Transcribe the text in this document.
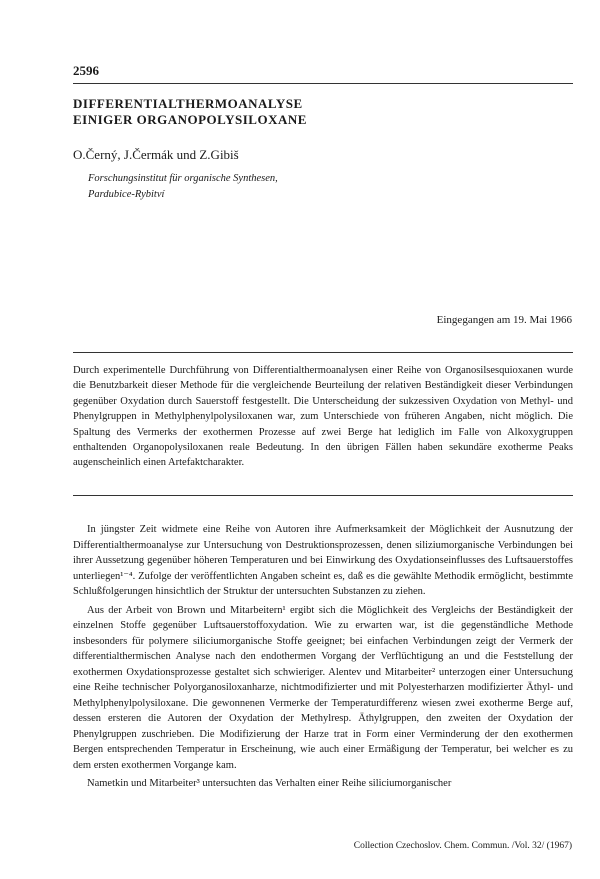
2596
DIFFERENTIALTHERMOANALYSE
EINIGER ORGANOPOLYSILOXANE
O.Černý, J.Čermák und Z.Gibiš
Forschungsinstitut für organische Synthesen,
Pardubice-Rybitví
Eingegangen am 19. Mai 1966
Durch experimentelle Durchführung von Differentialthermoanalysen einer Reihe von Organosilsesquioxanen wurde die Benutzbarkeit dieser Methode für die vergleichende Beurteilung der relativen Beständigkeit dieser Verbindungen gegenüber Oxydation durch Sauerstoff festgestellt. Die Unterscheidung der sukzessiven Oxydation von Methyl- und Phenylgruppen in Methylphenylpolysiloxanen war, zum Unterschiede von früheren Angaben, nicht möglich. Die Spaltung des Vermerks der exothermen Prozesse auf zwei Berge hat lediglich im Falle von Alkoxygruppen enthaltenden Organopolysiloxanen reale Bedeutung. In den übrigen Fällen haben sekundäre exotherme Peaks augenscheinlich einen Artefaktcharakter.

In jüngster Zeit widmete eine Reihe von Autoren ihre Aufmerksamkeit der Möglichkeit der Ausnutzung der Differentialthermoanalyse zur Untersuchung von Destruktionsprozessen, denen siliziumorganische Verbindungen bei ihrer Aussetzung gegenüber höheren Temperaturen und bei Einwirkung des Oxydationseinflusses des Luftsauerstoffes unterliegen¹⁻⁴. Zufolge der veröffentlichten Angaben scheint es, daß es die gewählte Methodik ermöglicht, bestimmte Schlußfolgerungen hinsichtlich der Struktur der untersuchten Substanzen zu ziehen.

Aus der Arbeit von Brown und Mitarbeitern¹ ergibt sich die Möglichkeit des Vergleichs der Beständigkeit der einzelnen Stoffe gegenüber Luftsauerstoffoxydation. Wie zu erwarten war, ist die gegenständliche Methode insbesonders für polymere siliciumorganische Stoffe geeignet; bei einfachen Verbindungen zeigt der Vermerk der differentialthermischen Analyse nach den endothermen Vorgang der Verflüchtigung an und die Feststellung der exothermen Oxydationsprozesse gestaltet sich schwieriger. Alentev und Mitarbeiter² unterzogen einer Untersuchung eine Reihe technischer Polyorganosiloxanharze, nichtmodifizierter und mit Polyesterharzen modifizierter Äthyl- und Methylphenylpolysiloxane. Die gewonnenen Vermerke der Temperaturdifferenz wiesen zwei exotherme Berge auf, dessen ersteren die Autoren der Oxydation der Methylresp. Äthylgruppen, den zweiten der Oxydation der Phenylgruppen zuschrieben. Die Modifizierung der Harze trat in Form einer Verminderung der den exothermen Bergen entsprechenden Temperatur in Erscheinung, wie auch einer Ermäßigung der Temperatur, bei welcher es zu dem ersten exothermen Vorgange kam.

Nametkin und Mitarbeiter³ untersuchten das Verhalten einer Reihe siliciumorganischer

Collection Czechoslov. Chem. Commun. /Vol. 32/ (1967)
